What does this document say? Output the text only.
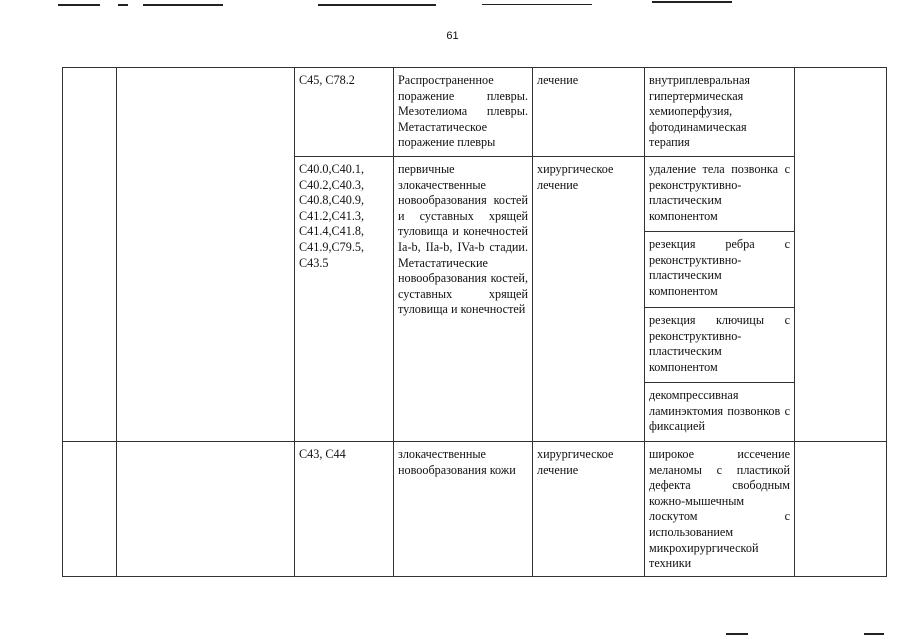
61

		C45, C78.2	Распространенное поражение плевры. Мезотелиома плевры. Метастатическое поражение плевры	лечение	внутриплевральная гипертермическая хемиоперфузия, фотодинамическая терапия	

		C40.0,C40.1, C40.2,C40.3, C40.8,C40.9, C41.2,C41.3, C41.4,C41.8, C41.9,C79.5, C43.5	первичные злокачественные новообразования костей и суставных хрящей туловища и конечностей Ia-b, IIa-b, IVa-b стадии. Метастатические новообразования костей, суставных хрящей туловища и конечностей	хирургическое лечение	удаление тела позвонка с реконструктивно-пластическим компонентом	

					резекция ребра с реконструктивно-пластическим компонентом	

					резекция ключицы с реконструктивно-пластическим компонентом	

					декомпрессивная ламинэктомия позвонков с фиксацией	

		C43, C44	злокачественные новообразования кожи	хирургическое лечение	широкое иссечение меланомы с пластикой дефекта свободным кожно-мышечным лоскутом с использованием микрохирургической техники	
